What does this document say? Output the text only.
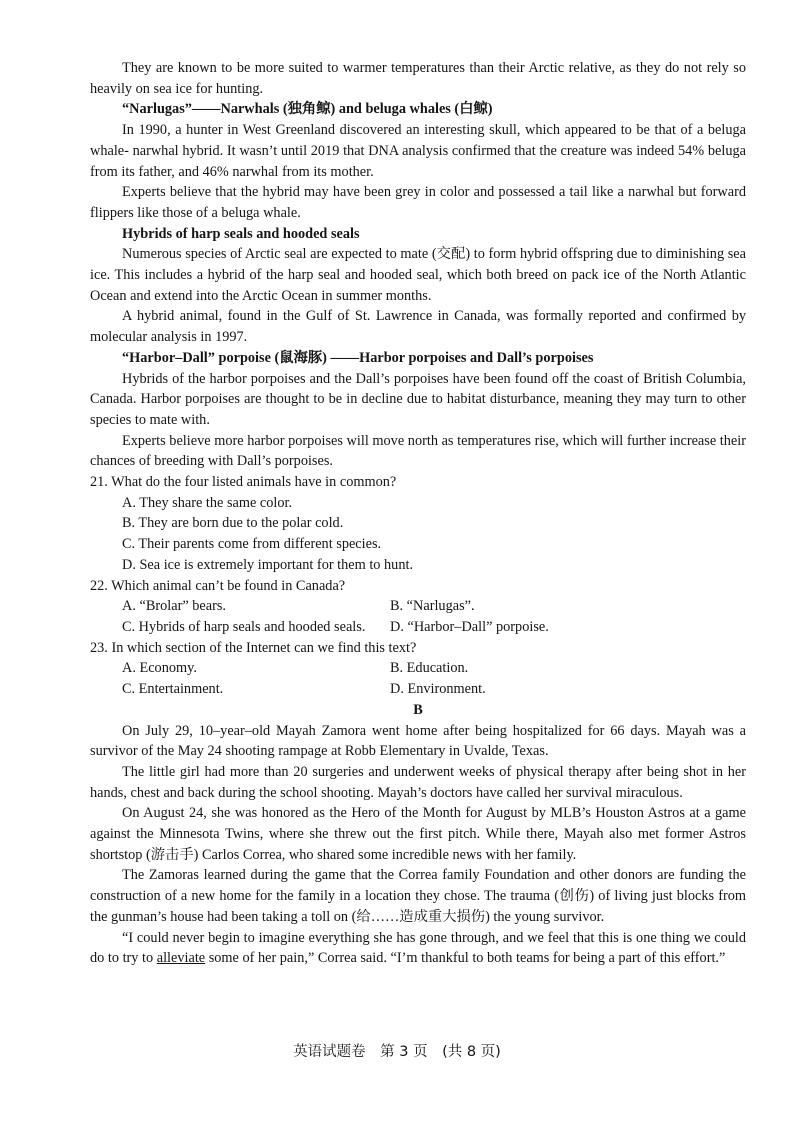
They are known to be more suited to warmer temperatures than their Arctic relative, as they do not rely so heavily on sea ice for hunting.

“Narlugas”——Narwhals (独角鲸) and beluga whales (白鲸)

In 1990, a hunter in West Greenland discovered an interesting skull, which appeared to be that of a beluga whale- narwhal hybrid. It wasn’t until 2019 that DNA analysis confirmed that the creature was indeed 54% beluga from its father, and 46% narwhal from its mother.

Experts believe that the hybrid may have been grey in color and possessed a tail like a narwhal but forward flippers like those of a beluga whale.

Hybrids of harp seals and hooded seals

Numerous species of Arctic seal are expected to mate (交配) to form hybrid offspring due to diminishing sea ice. This includes a hybrid of the harp seal and hooded seal, which both breed on pack ice of the North Atlantic Ocean and extend into the Arctic Ocean in summer months.

A hybrid animal, found in the Gulf of St. Lawrence in Canada, was formally reported and confirmed by molecular analysis in 1997.

“Harbor–Dall” porpoise (鼠海豚) ——Harbor porpoises and Dall’s porpoises

Hybrids of the harbor porpoises and the Dall’s porpoises have been found off the coast of British Columbia, Canada. Harbor porpoises are thought to be in decline due to habitat disturbance, meaning they may turn to other species to mate with.

Experts believe more harbor porpoises will move north as temperatures rise, which will further increase their chances of breeding with Dall’s porpoises.

21. What do the four listed animals have in common?

A. They share the same color.

B. They are born due to the polar cold.

C. Their parents come from different species.

D. Sea ice is extremely important for them to hunt.

22. Which animal can’t be found in Canada?

A. “Brolar” bears.	B. “Narlugas”.
C. Hybrids of harp seals and hooded seals.	D. “Harbor–Dall” porpoise.

23. In which section of the Internet can we find this text?

A. Economy.	B. Education.
C. Entertainment.	D. Environment.

B

On July 29, 10–year–old Mayah Zamora went home after being hospitalized for 66 days. Mayah was a survivor of the May 24 shooting rampage at Robb Elementary in Uvalde, Texas.

The little girl had more than 20 surgeries and underwent weeks of physical therapy after being shot in her hands, chest and back during the school shooting. Mayah’s doctors have called her survival miraculous.

On August 24, she was honored as the Hero of the Month for August by MLB’s Houston Astros at a game against the Minnesota Twins, where she threw out the first pitch. While there, Mayah also met former Astros shortstop (游击手) Carlos Correa, who shared some incredible news with her family.

The Zamoras learned during the game that the Correa family Foundation and other donors are funding the construction of a new home for the family in a location they chose. The trauma (创伤) of living just blocks from the gunman’s house had been taking a toll on (给……造成重大损伤) the young survivor.

“I could never begin to imagine everything she has gone through, and we feel that this is one thing we could do to try to alleviate some of her pain,” Correa said. “I’m thankful to both teams for being a part of this effort.”

英语试题卷　第 3 页　(共 8 页)
